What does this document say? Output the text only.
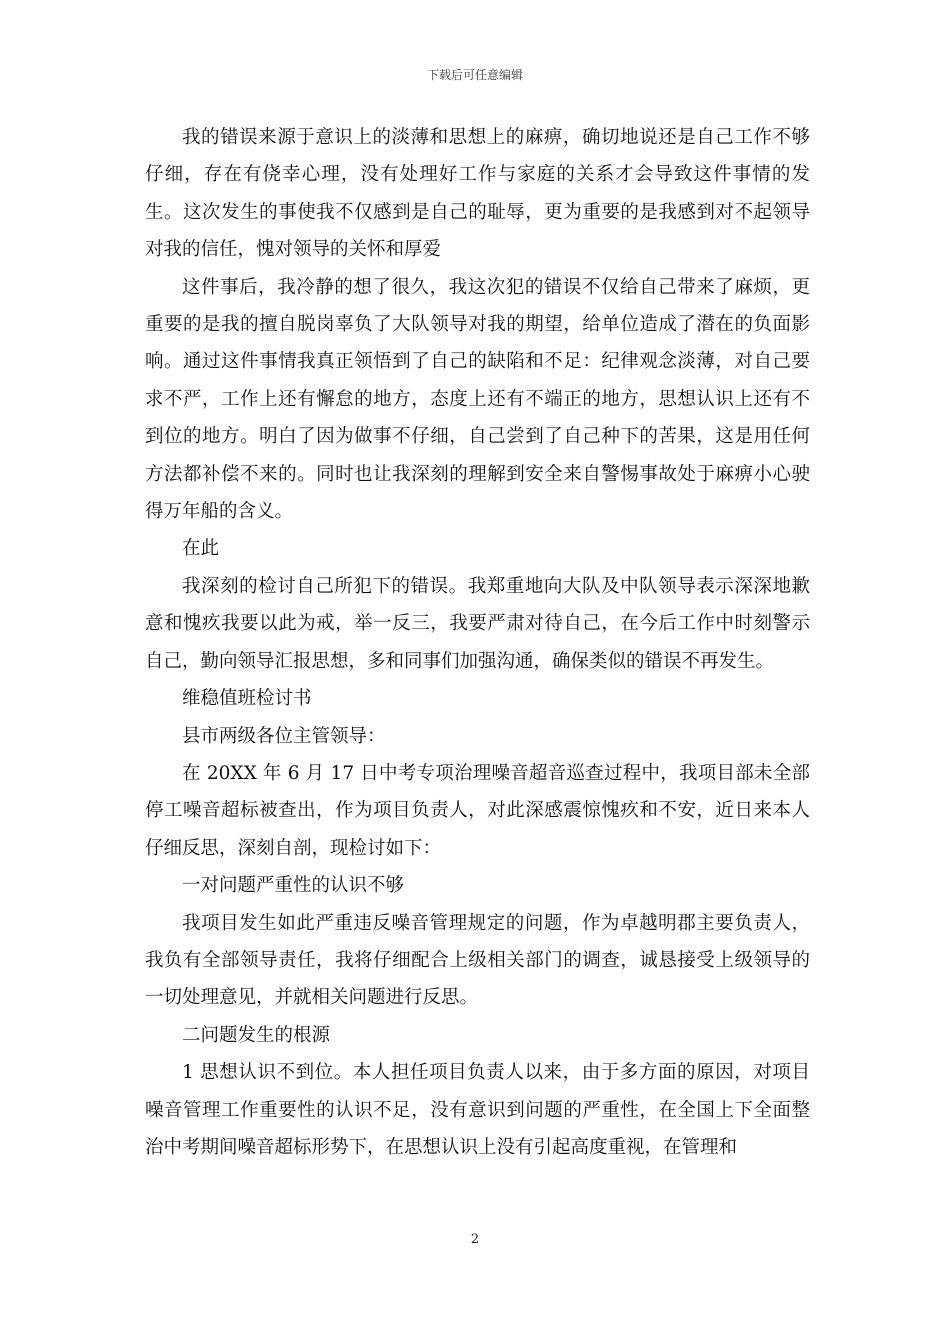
下载后可任意编辑

我的错误来源于意识上的淡薄和思想上的麻痹，确切地说还是自己工作不够仔细，存在有侥幸心理，没有处理好工作与家庭的关系才会导致这件事情的发生。这次发生的事使我不仅感到是自己的耻辱，更为重要的是我感到对不起领导对我的信任，愧对领导的关怀和厚爱

这件事后，我冷静的想了很久，我这次犯的错误不仅给自己带来了麻烦，更重要的是我的擅自脱岗辜负了大队领导对我的期望，给单位造成了潜在的负面影响。通过这件事情我真正领悟到了自己的缺陷和不足：纪律观念淡薄，对自己要求不严，工作上还有懈怠的地方，态度上还有不端正的地方，思想认识上还有不到位的地方。明白了因为做事不仔细，自己尝到了自己种下的苦果，这是用任何方法都补偿不来的。同时也让我深刻的理解到安全来自警惕事故处于麻痹小心驶得万年船的含义。

在此

我深刻的检讨自己所犯下的错误。我郑重地向大队及中队领导表示深深地歉意和愧疚我要以此为戒，举一反三，我要严肃对待自己，在今后工作中时刻警示自己，勤向领导汇报思想，多和同事们加强沟通，确保类似的错误不再发生。

维稳值班检讨书

县市两级各位主管领导：

在 20XX 年 6 月 17 日中考专项治理噪音超音巡查过程中，我项目部未全部停工噪音超标被查出，作为项目负责人，对此深感震惊愧疚和不安，近日来本人仔细反思，深刻自剖，现检讨如下：

一对问题严重性的认识不够

我项目发生如此严重违反噪音管理规定的问题，作为卓越明郡主要负责人，我负有全部领导责任，我将仔细配合上级相关部门的调查，诚恳接受上级领导的一切处理意见，并就相关问题进行反思。

二问题发生的根源

1 思想认识不到位。本人担任项目负责人以来，由于多方面的原因，对项目噪音管理工作重要性的认识不足，没有意识到问题的严重性，在全国上下全面整治中考期间噪音超标形势下，在思想认识上没有引起高度重视，在管理和

2
